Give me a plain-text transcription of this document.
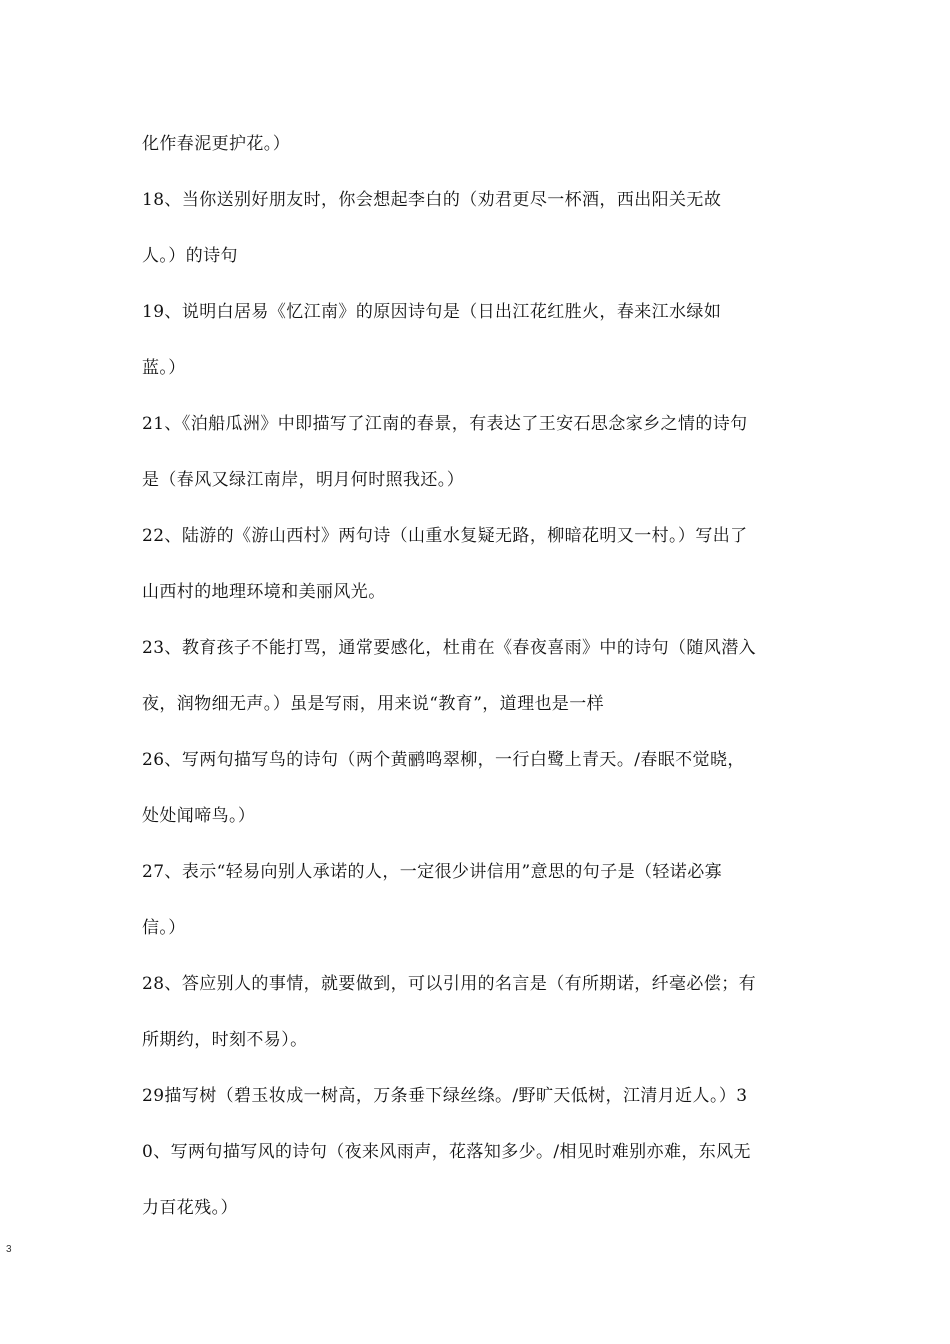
化作春泥更护花。）
18、当你送别好朋友时，你会想起李白的（劝君更尽一杯酒，西出阳关无故
人。）的诗句
19、说明白居易《忆江南》的原因诗句是（日出江花红胜火，春来江水绿如
蓝。）
21、《泊船瓜洲》中即描写了江南的春景，有表达了王安石思念家乡之情的诗句
是（春风又绿江南岸，明月何时照我还。）
22、陆游的《游山西村》两句诗（山重水复疑无路，柳暗花明又一村。）写出了
山西村的地理环境和美丽风光。
23、教育孩子不能打骂，通常要感化，杜甫在《春夜喜雨》中的诗句（随风潜入
夜，润物细无声。）虽是写雨，用来说“教育”，道理也是一样
26、写两句描写鸟的诗句（两个黄鹂鸣翠柳，一行白鹭上青天。/春眠不觉晓，
处处闻啼鸟。）
27、表示“轻易向别人承诺的人，一定很少讲信用”意思的句子是（轻诺必寡
信。）
28、答应别人的事情，就要做到，可以引用的名言是（有所期诺，纤毫必偿；有
所期约，时刻不易）。
29描写树（碧玉妆成一树高，万条垂下绿丝绦。/野旷天低树，江清月近人。）3
0、写两句描写风的诗句（夜来风雨声，花落知多少。/相见时难别亦难，东风无
力百花残。）
3
